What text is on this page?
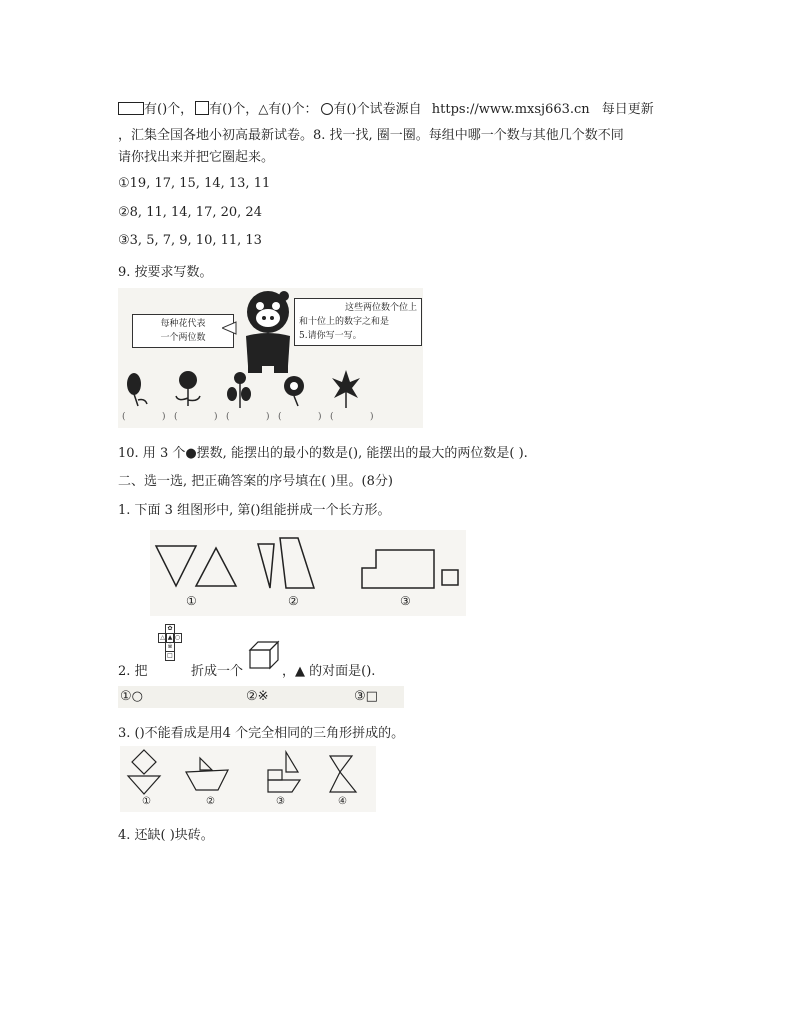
有()个， 有()个，△有()个： 有()个试卷源自 https://www.mxsj663.cn 每日更新
，汇集全国各地小初高最新试卷。8. 找一找, 圈一圈。每组中哪一个数与其他几个数不同
请你找出来并把它圈起来。
①19, 17, 15, 14, 13, 11
②8, 11, 14, 17, 20, 24
③3, 5, 7, 9, 10, 11, 13
9. 按要求写数。
每种花代表
一个两位数
这些两位数个位上
和十位上的数字之和是
5.请你写一写。
(	) (	) (	) (	) (	)
10. 用 3 个●摆数, 能摆出的最小的数是(), 能摆出的最大的两位数是( ).
二、选一选, 把正确答案的序号填在( )里。(8分)
1. 下面 3 组图形中, 第()组能拼成一个长方形。
①	②	③
✿
△ ▲ ○
※
□
2. 把	折成一个	，▲ 的对面是().
①○	②※	③□
3. ()不能看成是用4 个完全相同的三角形拼成的。
①	②	③	④
4. 还缺( )块砖。
